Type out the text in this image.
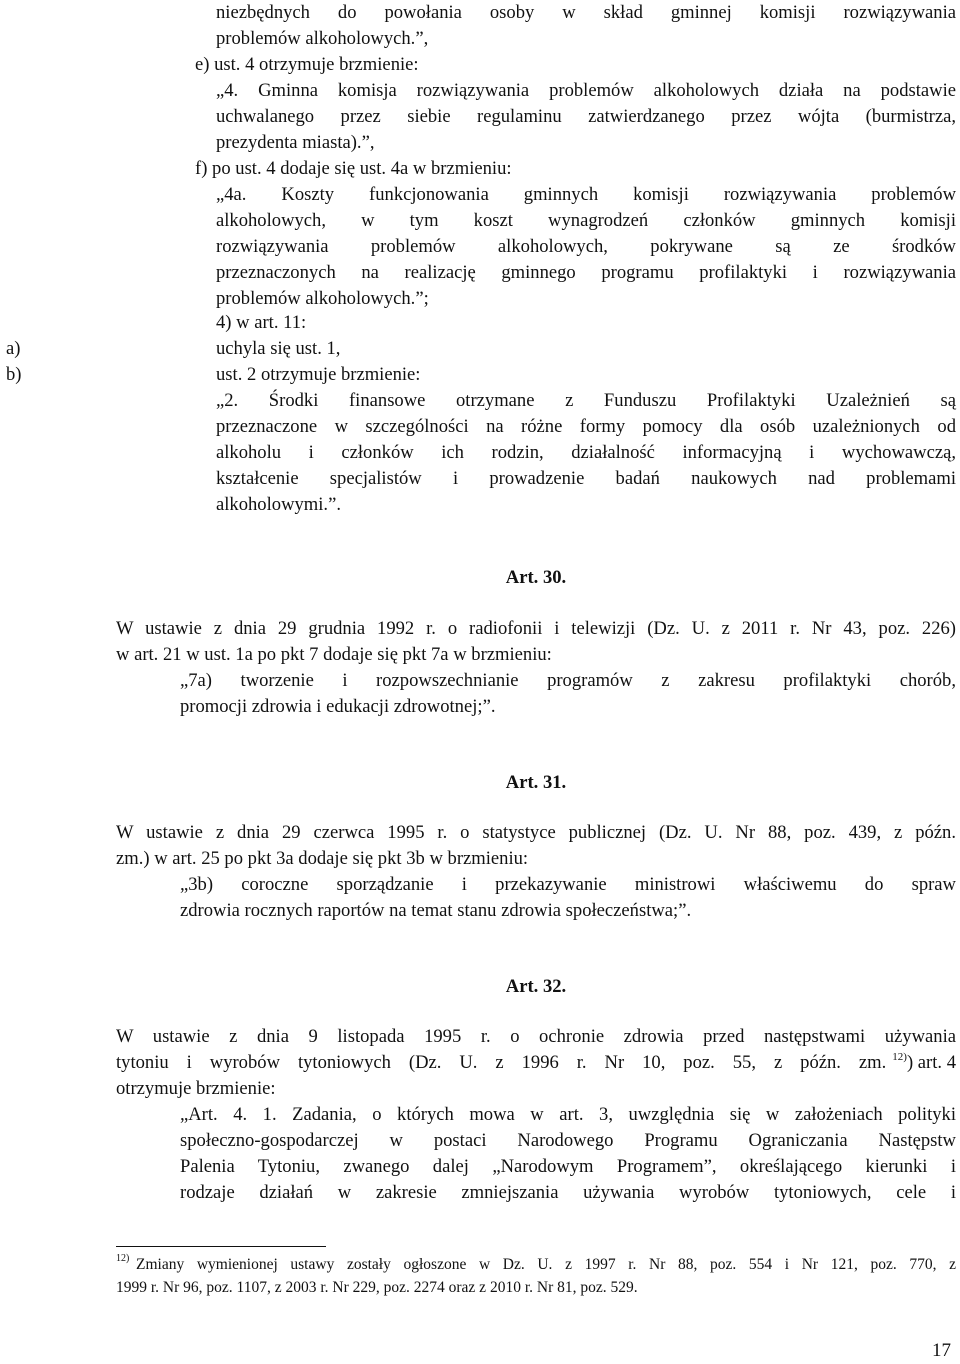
niezbędnych do powołania osoby w skład gminnej komisji rozwiązywania
problemów alkoholowych.”,
e) ust. 4 otrzymuje brzmienie:
„4. Gminna komisja rozwiązywania problemów alkoholowych działa na podstawie
uchwalanego przez siebie regulaminu zatwierdzanego przez wójta (burmistrza,
prezydenta miasta).”,
f) po ust. 4 dodaje się ust. 4a w brzmieniu:
„4a. Koszty funkcjonowania gminnych komisji rozwiązywania problemów
alkoholowych, w tym koszt wynagrodzeń członków gminnych komisji
rozwiązywania problemów alkoholowych, pokrywane są ze środków
przeznaczonych na realizację gminnego programu profilaktyki i rozwiązywania
problemów alkoholowych.”;
4) w art. 11:
a)	uchyla się ust. 1,
b)	ust. 2 otrzymuje brzmienie:
„2. Środki finansowe otrzymane z Funduszu Profilaktyki Uzależnień są
przeznaczone w szczególności na różne formy pomocy dla osób uzależnionych od
alkoholu i członków ich rodzin, działalność informacyjną i wychowawczą,
kształcenie specjalistów i prowadzenie badań naukowych nad problemami
alkoholowymi.”.
Art. 30.
W ustawie z dnia 29 grudnia 1992 r. o radiofonii i telewizji (Dz. U. z 2011 r. Nr 43, poz. 226)
w art. 21 w ust. 1a po pkt 7 dodaje się pkt 7a w brzmieniu:
„7a) tworzenie i rozpowszechnianie programów z zakresu profilaktyki chorób,
promocji zdrowia i edukacji zdrowotnej;”.
Art. 31.
W ustawie z dnia 29 czerwca 1995 r. o statystyce publicznej (Dz. U. Nr 88, poz. 439, z późn.
zm.) w art. 25 po pkt 3a dodaje się pkt 3b w brzmieniu:
„3b) coroczne sporządzanie i przekazywanie ministrowi właściwemu do spraw
zdrowia rocznych raportów na temat stanu zdrowia społeczeństwa;”.
Art. 32.
W ustawie z dnia 9 listopada 1995 r. o ochronie zdrowia przed następstwami używania
tytoniu i wyrobów tytoniowych (Dz. U. z 1996 r. Nr 10, poz. 55, z późn. zm. $^{12)}$) art. 4
otrzymuje brzmienie:
„Art. 4. 1. Zadania, o których mowa w art. 3, uwzględnia się w założeniach polityki
społeczno-gospodarczej w postaci Narodowego Programu Ograniczania Następstw
Palenia Tytoniu, zwanego dalej „Narodowym Programem”, określającego kierunki i
rodzaje działań w zakresie zmniejszania używania wyrobów tytoniowych, cele i
12) Zmiany wymienionej ustawy zostały ogłoszone w Dz. U. z 1997 r. Nr 88, poz. 554 i Nr 121, poz. 770, z
1999 r. Nr 96, poz. 1107, z 2003 r. Nr 229, poz. 2274 oraz z 2010 r. Nr 81, poz. 529.
17
